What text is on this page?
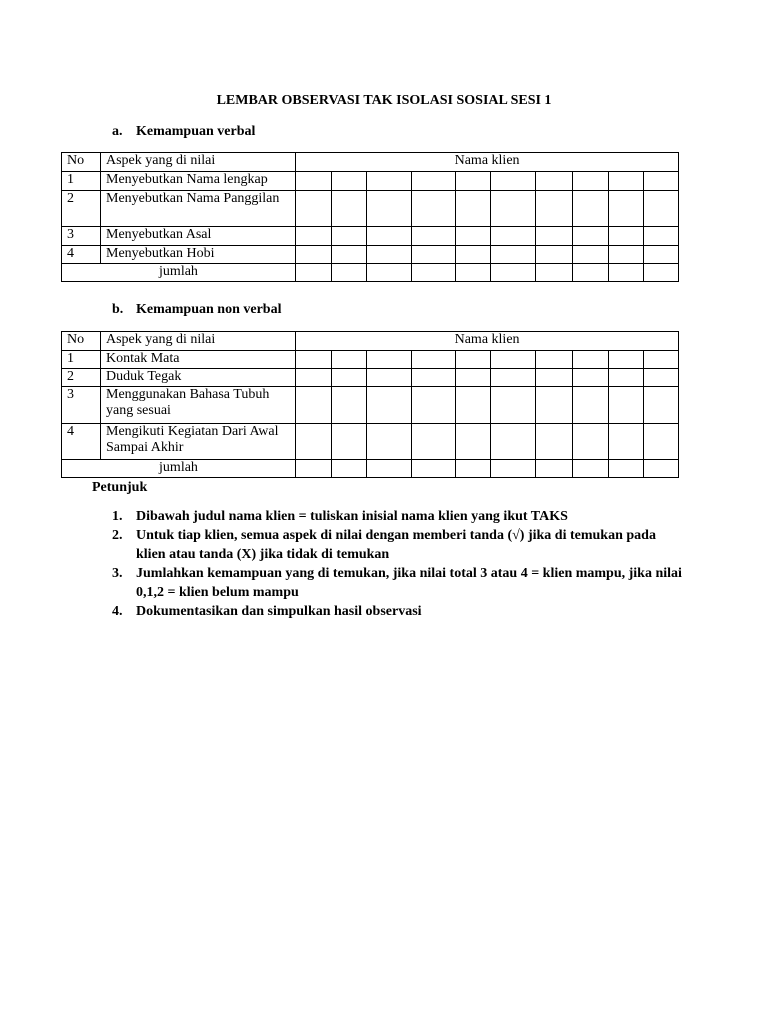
LEMBAR OBSERVASI TAK ISOLASI SOSIAL SESI 1
a. Kemampuan verbal
No	Aspek yang di nilai	Nama klien									
1	Menyebutkan Nama lengkap										
2	Menyebutkan Nama Panggilan										
3	Menyebutkan Asal										
4	Menyebutkan Hobi										
jumlah											
b. Kemampuan non verbal
No	Aspek yang di nilai	Nama klien									
1	Kontak Mata										
2	Duduk Tegak										
3	Menggunakan Bahasa Tubuh yang sesuai										
4	Mengikuti Kegiatan Dari Awal Sampai Akhir										
jumlah											
Petunjuk
1. Dibawah judul nama klien = tuliskan inisial nama klien yang ikut TAKS
2. Untuk tiap klien, semua aspek di nilai dengan memberi tanda (√) jika di temukan pada klien atau tanda (X) jika tidak di temukan
3. Jumlahkan kemampuan yang di temukan, jika nilai total 3 atau 4 = klien mampu, jika nilai 0,1,2 = klien belum mampu
4. Dokumentasikan dan simpulkan hasil observasi
